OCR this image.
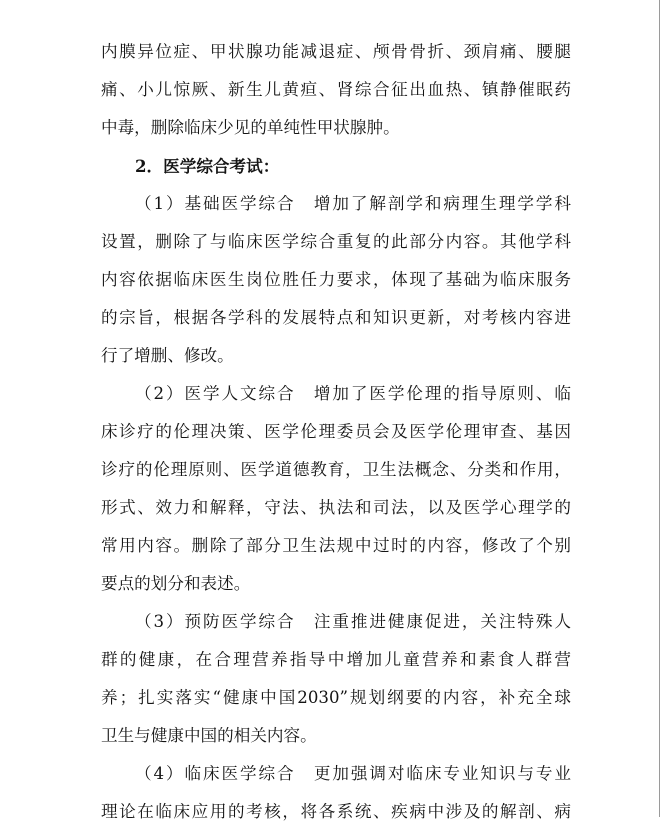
内膜异位症、甲状腺功能减退症、颅骨骨折、颈肩痛、腰腿
痛、小儿惊厥、新生儿黄疸、肾综合征出血热、镇静催眠药
中毒，删除临床少见的单纯性甲状腺肿。
2．医学综合考试：
（1）基础医学综合　增加了解剖学和病理生理学学科
设置，删除了与临床医学综合重复的此部分内容。其他学科
内容依据临床医生岗位胜任力要求，体现了基础为临床服务
的宗旨，根据各学科的发展特点和知识更新，对考核内容进
行了增删、修改。
（2）医学人文综合　增加了医学伦理的指导原则、临
床诊疗的伦理决策、医学伦理委员会及医学伦理审查、基因
诊疗的伦理原则、医学道德教育，卫生法概念、分类和作用，
形式、效力和解释，守法、执法和司法，以及医学心理学的
常用内容。删除了部分卫生法规中过时的内容，修改了个别
要点的划分和表述。
（3）预防医学综合　注重推进健康促进，关注特殊人
群的健康，在合理营养指导中增加儿童营养和素食人群营
养；扎实落实“健康中国2030”规划纲要的内容，补充全球
卫生与健康中国的相关内容。
（4）临床医学综合　更加强调对临床专业知识与专业
理论在临床应用的考核，将各系统、疾病中涉及的解剖、病
